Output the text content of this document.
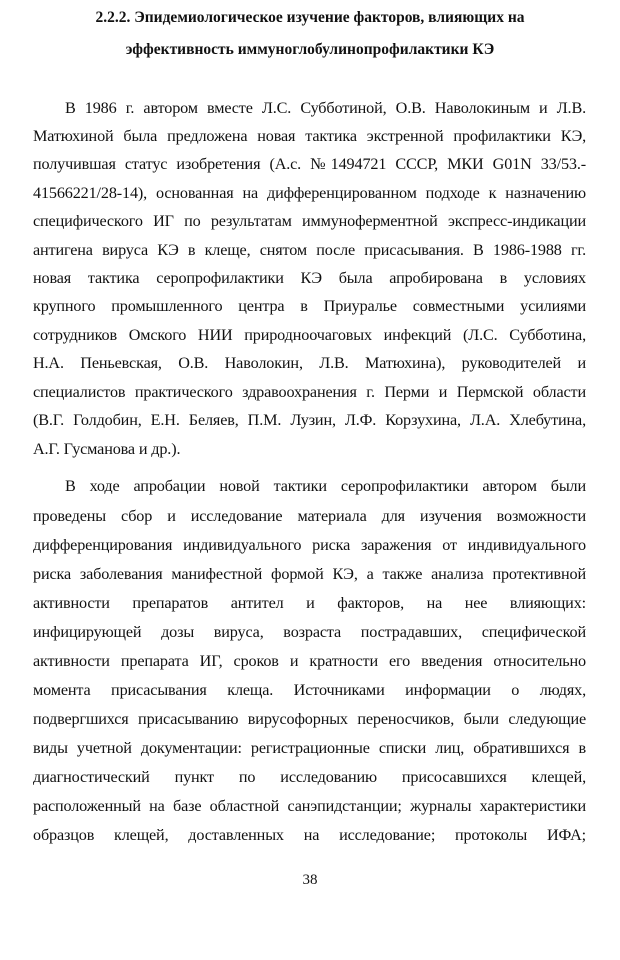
2.2.2. Эпидемиологическое изучение факторов, влияющих на
эффективность иммуноглобулинопрофилактики КЭ
В 1986 г. автором вместе Л.С. Субботиной, О.В. Наволокиным и Л.В.
Матюхиной была предложена новая тактика экстренной профилактики КЭ,
получившая статус изобретения (А.с. №1494721 СССР, МКИ G01N 33/53.-
41566221/28-14), основанная на дифференцированном подходе к назначению
специфического ИГ по результатам иммуноферментной экспресс-индикации
антигена вируса КЭ в клеще, снятом после присасывания. В 1986-1988 гг.
новая тактика серопрофилактики КЭ была апробирована в условиях
крупного промышленного центра в Приуралье совместными усилиями
сотрудников Омского НИИ природноочаговых инфекций (Л.С. Субботина,
Н.А. Пеньевская, О.В. Наволокин, Л.В. Матюхина), руководителей и
специалистов практического здравоохранения г. Перми и Пермской области
(В.Г. Голдобин, Е.Н. Беляев, П.М. Лузин, Л.Ф. Корзухина, Л.А. Хлебутина,
А.Г. Гусманова и др.).
В ходе апробации новой тактики серопрофилактики автором были
проведены сбор и исследование материала для изучения возможности
дифференцирования индивидуального риска заражения от индивидуального
риска заболевания манифестной формой КЭ, а также анализа протективной
активности препаратов антител и факторов, на нее влияющих:
инфицирующей дозы вируса, возраста пострадавших, специфической
активности препарата ИГ, сроков и кратности его введения относительно
момента присасывания клеща. Источниками информации о людях,
подвергшихся присасыванию вирусофорных переносчиков, были следующие
виды учетной документации: регистрационные списки лиц, обратившихся в
диагностический пункт по исследованию присосавшихся клещей,
расположенный на базе областной санэпидстанции; журналы характеристики
образцов клещей, доставленных на исследование; протоколы ИФА;
38
